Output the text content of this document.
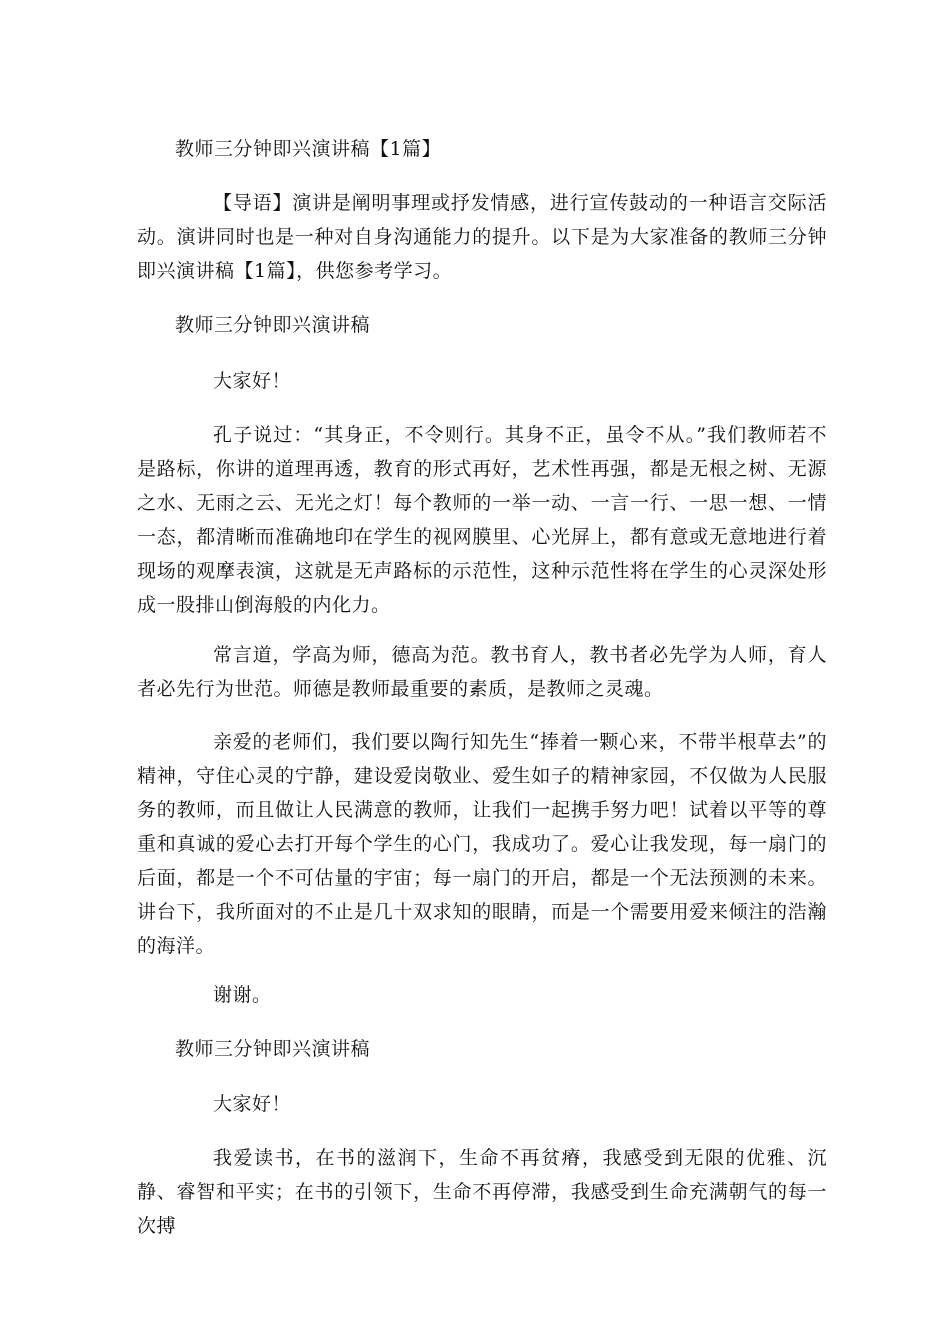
教师三分钟即兴演讲稿【1篇】

【导语】演讲是阐明事理或抒发情感，进行宣传鼓动的一种语言交际活动。演讲同时也是一种对自身沟通能力的提升。以下是为大家准备的教师三分钟即兴演讲稿【1篇】，供您参考学习。

教师三分钟即兴演讲稿

大家好！

孔子说过：“其身正，不令则行。其身不正，虽令不从。”我们教师若不是路标，你讲的道理再透，教育的形式再好，艺术性再强，都是无根之树、无源之水、无雨之云、无光之灯！每个教师的一举一动、一言一行、一思一想、一情一态，都清晰而准确地印在学生的视网膜里、心光屏上，都有意或无意地进行着现场的观摩表演，这就是无声路标的示范性，这种示范性将在学生的心灵深处形成一股排山倒海般的内化力。

常言道，学高为师，德高为范。教书育人，教书者必先学为人师，育人者必先行为世范。师德是教师最重要的素质，是教师之灵魂。

亲爱的老师们，我们要以陶行知先生“捧着一颗心来，不带半根草去”的精神，守住心灵的宁静，建设爱岗敬业、爱生如子的精神家园，不仅做为人民服务的教师，而且做让人民满意的教师，让我们一起携手努力吧！试着以平等的尊重和真诚的爱心去打开每个学生的心门，我成功了。爱心让我发现，每一扇门的后面，都是一个不可估量的宇宙；每一扇门的开启，都是一个无法预测的未来。讲台下，我所面对的不止是几十双求知的眼睛，而是一个需要用爱来倾注的浩瀚的海洋。

谢谢。

教师三分钟即兴演讲稿

大家好！

我爱读书，在书的滋润下，生命不再贫瘠，我感受到无限的优雅、沉静、睿智和平实；在书的引领下，生命不再停滞，我感受到生命充满朝气的每一次搏
